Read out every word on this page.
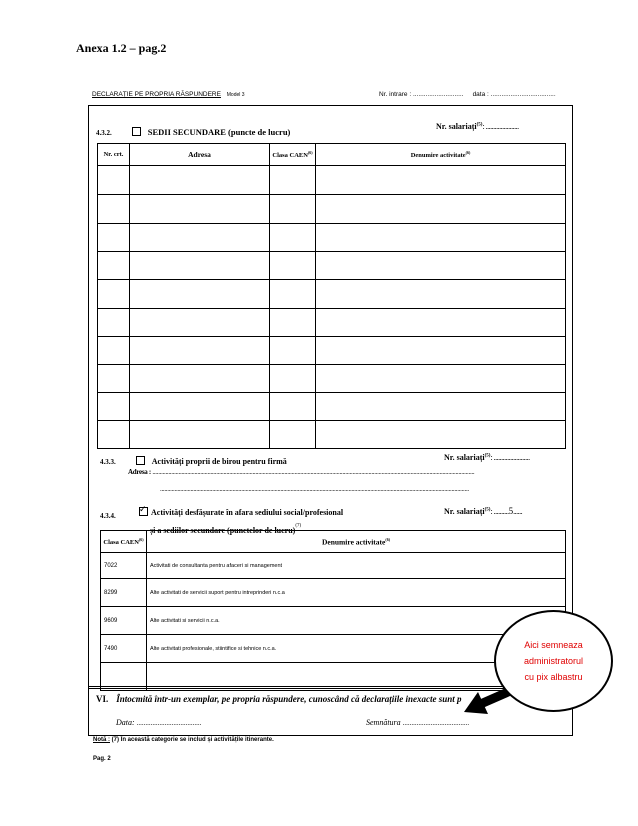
Anexa 1.2 – pag.2
DECLARAȚIE PE PROPRIA RĂSPUNDERE Model 3	Nr. intrare : ............................ data : ....................................
4.3.2.	SEDII SECUNDARE (puncte de lucru)
Nr. salariați$^{(5)}$: ......................
Nr. crt.	Adresa	Clasa CAEN$^{(6)}$	Denumire activitate$^{(6)}$

4.3.3.	Activități proprii de birou pentru firmă	Nr. salariați$^{(5)}$: ........................
Adresa : ..............................................................................................................................................................................................................................
.....................................................................................................................................................................................................................
4.3.4. ✓	Activități desfășurate în afara sediului social/profesional
și a sediilor secundare (punctelor de lucru)$^{(7)}$
Nr. salariați$^{(5)}$: ..........5......
Clasa CAEN$^{(6)}$	Denumire activitate$^{(6)}$
7022	Activitati de consultanta pentru afaceri si management
8299	Alte activitati de servicii suport pentru intreprinderi n.c.a
9609	Alte activitati si servicii n.c.a.
7490	Alte activitati profesionale, stiintifice si tehnice n.c.a.

VI. Întocmită într-un exemplar, pe propria răspundere, cunoscând că declarațiile inexacte sunt p
Data: .....................................	Semnătura ......................................
Notă : (7) În această categorie se includ și activitățile itinerante.
Pag. 2
Aici semneaza
administratorul
cu pix albastru
